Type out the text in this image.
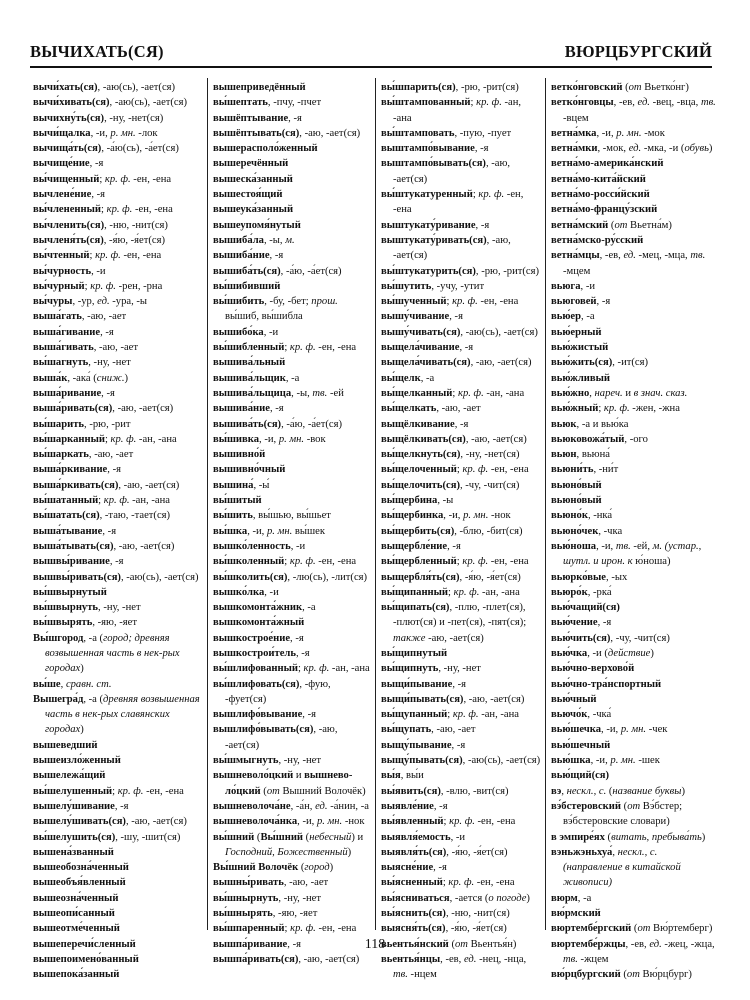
ВЫЧИХАТЬ(СЯ)	ВЮРЦБУРГСКИЙ
вычи́хать(ся), -аю(сь), -ает(ся)
вычи́хивать(ся), -аю(сь), -ает(ся)
вычихну́ть(ся), -ну, -нет(ся)
вычи́щалка, -и, р. мн. -лок
вычища́ть(ся), -а́ю(сь), -а́ет(ся)
вычище́ние, -я
вы́чищенный; кр. ф. -ен, -ена
вычлене́ние, -я
вы́члененный; кр. ф. -ен, -ена
вы́членить(ся), -ню, -нит(ся)
вычленя́ть(ся), -я́ю, -я́ет(ся)
вы́чтенный; кр. ф. -ен, -ена
вы́чурность, -и
вы́чурный; кр. ф. -рен, -рна
вы́чуры, -ур, ед. -ура, -ы
выша́гать, -аю, -ает
выша́гивание, -я
выша́гивать, -аю, -ает
вы́шагнуть, -ну, -нет
выша́к, -ака́ (сниж.)
выша́ривание, -я
выша́ривать(ся), -аю, -ает(ся)
вы́шарить, -рю, -рит
вы́шарканный; кр. ф. -ан, -ана
вы́шаркать, -аю, -ает
выша́ркивание, -я
выша́ркивать(ся), -аю, -ает(ся)
вы́шатанный; кр. ф. -ан, -ана
вы́шатать(ся), -таю, -тает(ся)
выша́тывание, -я
выша́тывать(ся), -аю, -ает(ся)
вышвы́ривание, -я
вышвы́ривать(ся), -аю(сь), -ает(ся)
вы́швырнутый
вы́швырнуть, -ну, -нет
вы́швырять, -яю, -яет
Вы́шгород, -а (город; древняя возвышенная часть в нек-рых городах)
вы́ше, сравн. ст.
Вышегра́д, -а (древняя возвышенная часть в нек-рых славянских городах)
вышеведший
вышеизло́женный
вышележа́щий
вы́шелушенный; кр. ф. -ен, -ена
вышелу́шивание, -я
вышелу́шивать(ся), -аю, -ает(ся)
вы́шелушить(ся), -шу, -шит(ся)
вышена́званный
вышеобозна́ченный
вышеобъя́вленный
вышеозна́ченный
вышеопи́санный
вышеотме́ченный
вышеперечи́сленный
вышепоимено́ванный
вышепока́занный
вышеприведённый
вы́шептать, -пчу, -пчет
вышёптывание, -я
вышёптывать(ся), -аю, -ает(ся)
вышерасполо́женный
вышеречённый
вышеска́занный
вышестоя́щий
вышеука́занный
вышеупомя́нутый
вышиба́ла, -ы, м.
вышиба́ние, -я
вышиба́ть(ся), -а́ю, -а́ет(ся)
вы́шибивший
вы́шибить, -бу, -бет; прош. вы́шиб, вы́шибла
вышибо́ка, -и
вы́шибленный; кр. ф. -ен, -ена
вышива́льный
вышива́льщик, -а
вышива́льщица, -ы, тв. -ей
вышива́ние, -я
вышива́ть(ся), -а́ю, -а́ет(ся)
вы́шивка, -и, р. мн. -вок
вышивно́й
вышивно́чный
вышина́, -ы́
вы́шитый
вы́шить, вы́шью, вы́шьет
вы́шка, -и, р. мн. вы́шек
вышко́ленность, -и
вы́школенный; кр. ф. -ен, -ена
вы́школить(ся), -лю(сь), -лит(ся)
вышко́лка, -и
вышкомонта́жник, -а
вышкомонта́жный
вышкострое́ние, -я
вышкострои́тель, -я
вы́шлифованный; кр. ф. -ан, -ана
вы́шлифовать(ся), -фую, -фует(ся)
вышлифо́вывание, -я
вышлифо́вывать(ся), -аю, -ает(ся)
вы́шмыгнуть, -ну, -нет
вышневоло́цкий и вышнево-ло́цкий (от Вышний Волочёк)
вышневолоча́не, -а́н, ед. -а́нин, -а
вышневолоча́нка, -и, р. мн. -нок
вы́шний (Вы́шний (небесный) и Господний, Божественный)
Вы́шний Волочёк (город)
вышны́ривать, -аю, -ает
вы́шнырнуть, -ну, -нет
вы́шнырять, -яю, -яет
вы́шпаренный; кр. ф. -ен, -ена
вышпа́ривание, -я
вышпа́ривать(ся), -аю, -ает(ся)
вы́шпарить(ся), -рю, -рит(ся)
вы́штампованный; кр. ф. -ан, -ана
вы́штамповать, -пую, -пует
выштампо́вывание, -я
выштампо́вывать(ся), -аю, -ает(ся)
вы́штукатуренный; кр. ф. -ен, -ена
выштукату́ривание, -я
выштукату́ривать(ся), -аю, -ает(ся)
вы́штукатурить(ся), -рю, -рит(ся)
вы́шутить, -учу, -утит
вы́шученный; кр. ф. -ен, -ена
вышу́чивание, -я
вышу́чивать(ся), -аю(сь), -ает(ся)
выщела́чивание, -я
выщела́чивать(ся), -аю, -ает(ся)
вы́щелк, -а
вы́щелканный; кр. ф. -ан, -ана
вы́щелкать, -аю, -ает
выщёлкивание, -я
выщёлкивать(ся), -аю, -ает(ся)
вы́щелкнуть(ся), -ну, -нет(ся)
вы́щелоченный; кр. ф. -ен, -ена
вы́щелочить(ся), -чу, -чит(ся)
вы́щербина, -ы
вы́щербинка, -и, р. мн. -нок
вы́щербить(ся), -блю, -бит(ся)
выщербле́ние, -я
вы́щербленный; кр. ф. -ен, -ена
выщербля́ть(ся), -я́ю, -я́ет(ся)
вы́щипанный; кр. ф. -ан, -ана
вы́щипать(ся), -плю, -плет(ся), -плют(ся) и -пет(ся), -пят(ся); также -аю, -ает(ся)
вы́щипнутый
вы́щипнуть, -ну, -нет
выщи́пывание, -я
выщи́пывать(ся), -аю, -ает(ся)
вы́щупанный; кр. ф. -ан, -ана
вы́щупать, -аю, -ает
выщу́пывание, -я
выщу́пывать(ся), -аю(сь), -ает(ся)
вы́я, вы́и
вы́явить(ся), -влю, -вит(ся)
выявле́ние, -я
вы́явленный; кр. ф. -ен, -ена
выявля́емость, -и
выявля́ть(ся), -я́ю, -я́ет(ся)
выясне́ние, -я
вы́ясненный; кр. ф. -ен, -ена
вы́ясниваться, -ается (о погоде)
вы́яснить(ся), -ню, -нит(ся)
выясня́ть(ся), -я́ю, -я́ет(ся)
вьентья́нский (от Вьентья́н)
вьентья́нцы, -ев, ед. -нец, -нца, тв. -нцем
ветко́нговский (от Вьетко́нг)
ветко́нговцы, -ев, ед. -вец, -вца, тв. -вцем
ветна́мка, -и, р. мн. -мок
ветна́мки, -мок, ед. -мка, -и (обувь)
ветна́мо-америка́нский
ветна́мо-кита́йский
ветна́мо-росси́йский
ветна́мо-францу́зский
ветна́мский (от Вьетна́м)
ветна́мско-ру́сский
ветна́мцы, -ев, ед. -мец, -мца, тв. -мцем
вьюга, -и
вьюговей, -я
вью́ер, -а
вью́ерный
вью́жистый
вью́жить(ся), -ит(ся)
вью́жливый
вью́жно, нареч. и в знач. сказ.
вью́жный; кр. ф. -жен, -жна
вьюк, -а и вью́ка
вьюковожа́тый, -ого
вьюн, вьюна́
вьюни́ть, -ни́т
вьюно́вый
вьюно́вый
вьюно́к, -нка́
вьюно́чек, -чка
вью́ноша, -и, тв. -ей, м. (устар., шутл. и ирон. к ю́ноша)
вьюрко́вые, -ых
вьюро́к, -рка́
вью́чащий(ся)
вью́чение, -я
вью́чить(ся), -чу, -чит(ся)
вью́чка, -и (действие)
вью́чно-верхово́й
вью́чно-тра́нспортный
вью́чный
вьючо́к, -чка́
вью́шечка, -и, р. мн. -чек
вью́шечный
вью́шка, -и, р. мн. -шек
вью́щий(ся)
вэ, нескл., с. (название буквы)
вэ́бстеровский (от Вэ́бстер; вэ́бстеровские словари)
в эмпире́ях (витать, пребыва́ть)
вэньжэньхуа́, нескл., с. (направление в китайской живописи)
вюрм, -а
вю́рмский
вюртембе́ргский (от Вю́ртемберг)
вюртембе́ржцы, -ев, ед. -жец, -жца, тв. -жцем
вю́рцбургский (от Вю́рцбург)
118
